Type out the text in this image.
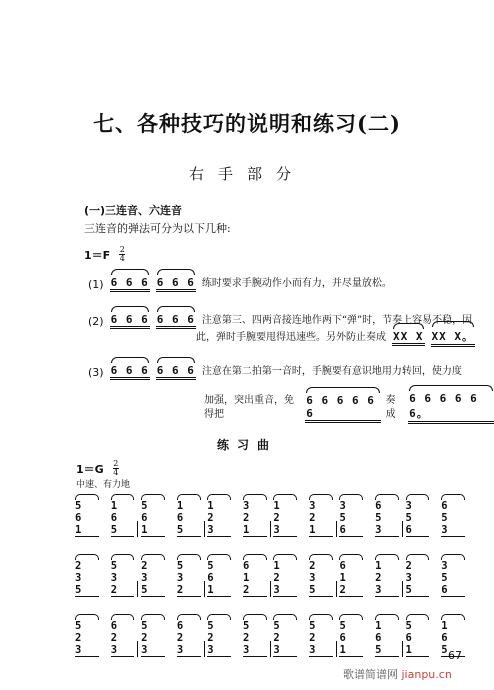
七、各种技巧的说明和练习(二)
右手部分
(一)三连音、六连音
三连音的弹法可分为以下几种:
$1=F \frac{2}{4}$
(1) 6 6 6 6 6 6 练时要求手腕动作小而有力，并尽量放松。
(2) 6 6 6 6 6 6 注意第三、四两音接连地作两下“弹”时，节奏上容易不稳，因
此，弹时手腕要甩得迅速些。另外防止奏成 XX X XX X。
(3) 6 6 6 6 6 6 注意在第二拍第一音时，手腕要有意识地用力转回，使力度
加强，突出重音，免得把
6 6 6 6 6 6
奏成
6 6 6 6 6 6。
练习曲
$1=G \frac{2}{4}$
中速、有力地
5 6 1
1 6 5
5 6 1
1 6 5
1 2 3
3 2 1
1 2 3
3 2 1
3 5 6
6 5 3
3 5 6
6 5 3
2 3 5
5 3 2
2 3 5
5 3 2
5 6 1
6 1 2
1 2 3
2 3 5
6 1 2
1 2 3
2 3 5
3 5 6
5 2 3
6 2 3
5 2 3
6 2 3
5 2 3
5 2 3
5 2 3
5 2 3
5 6 1
1 6 5
5 6 1
1 6 5
67
歌谱简谱网 jianpu.cn
